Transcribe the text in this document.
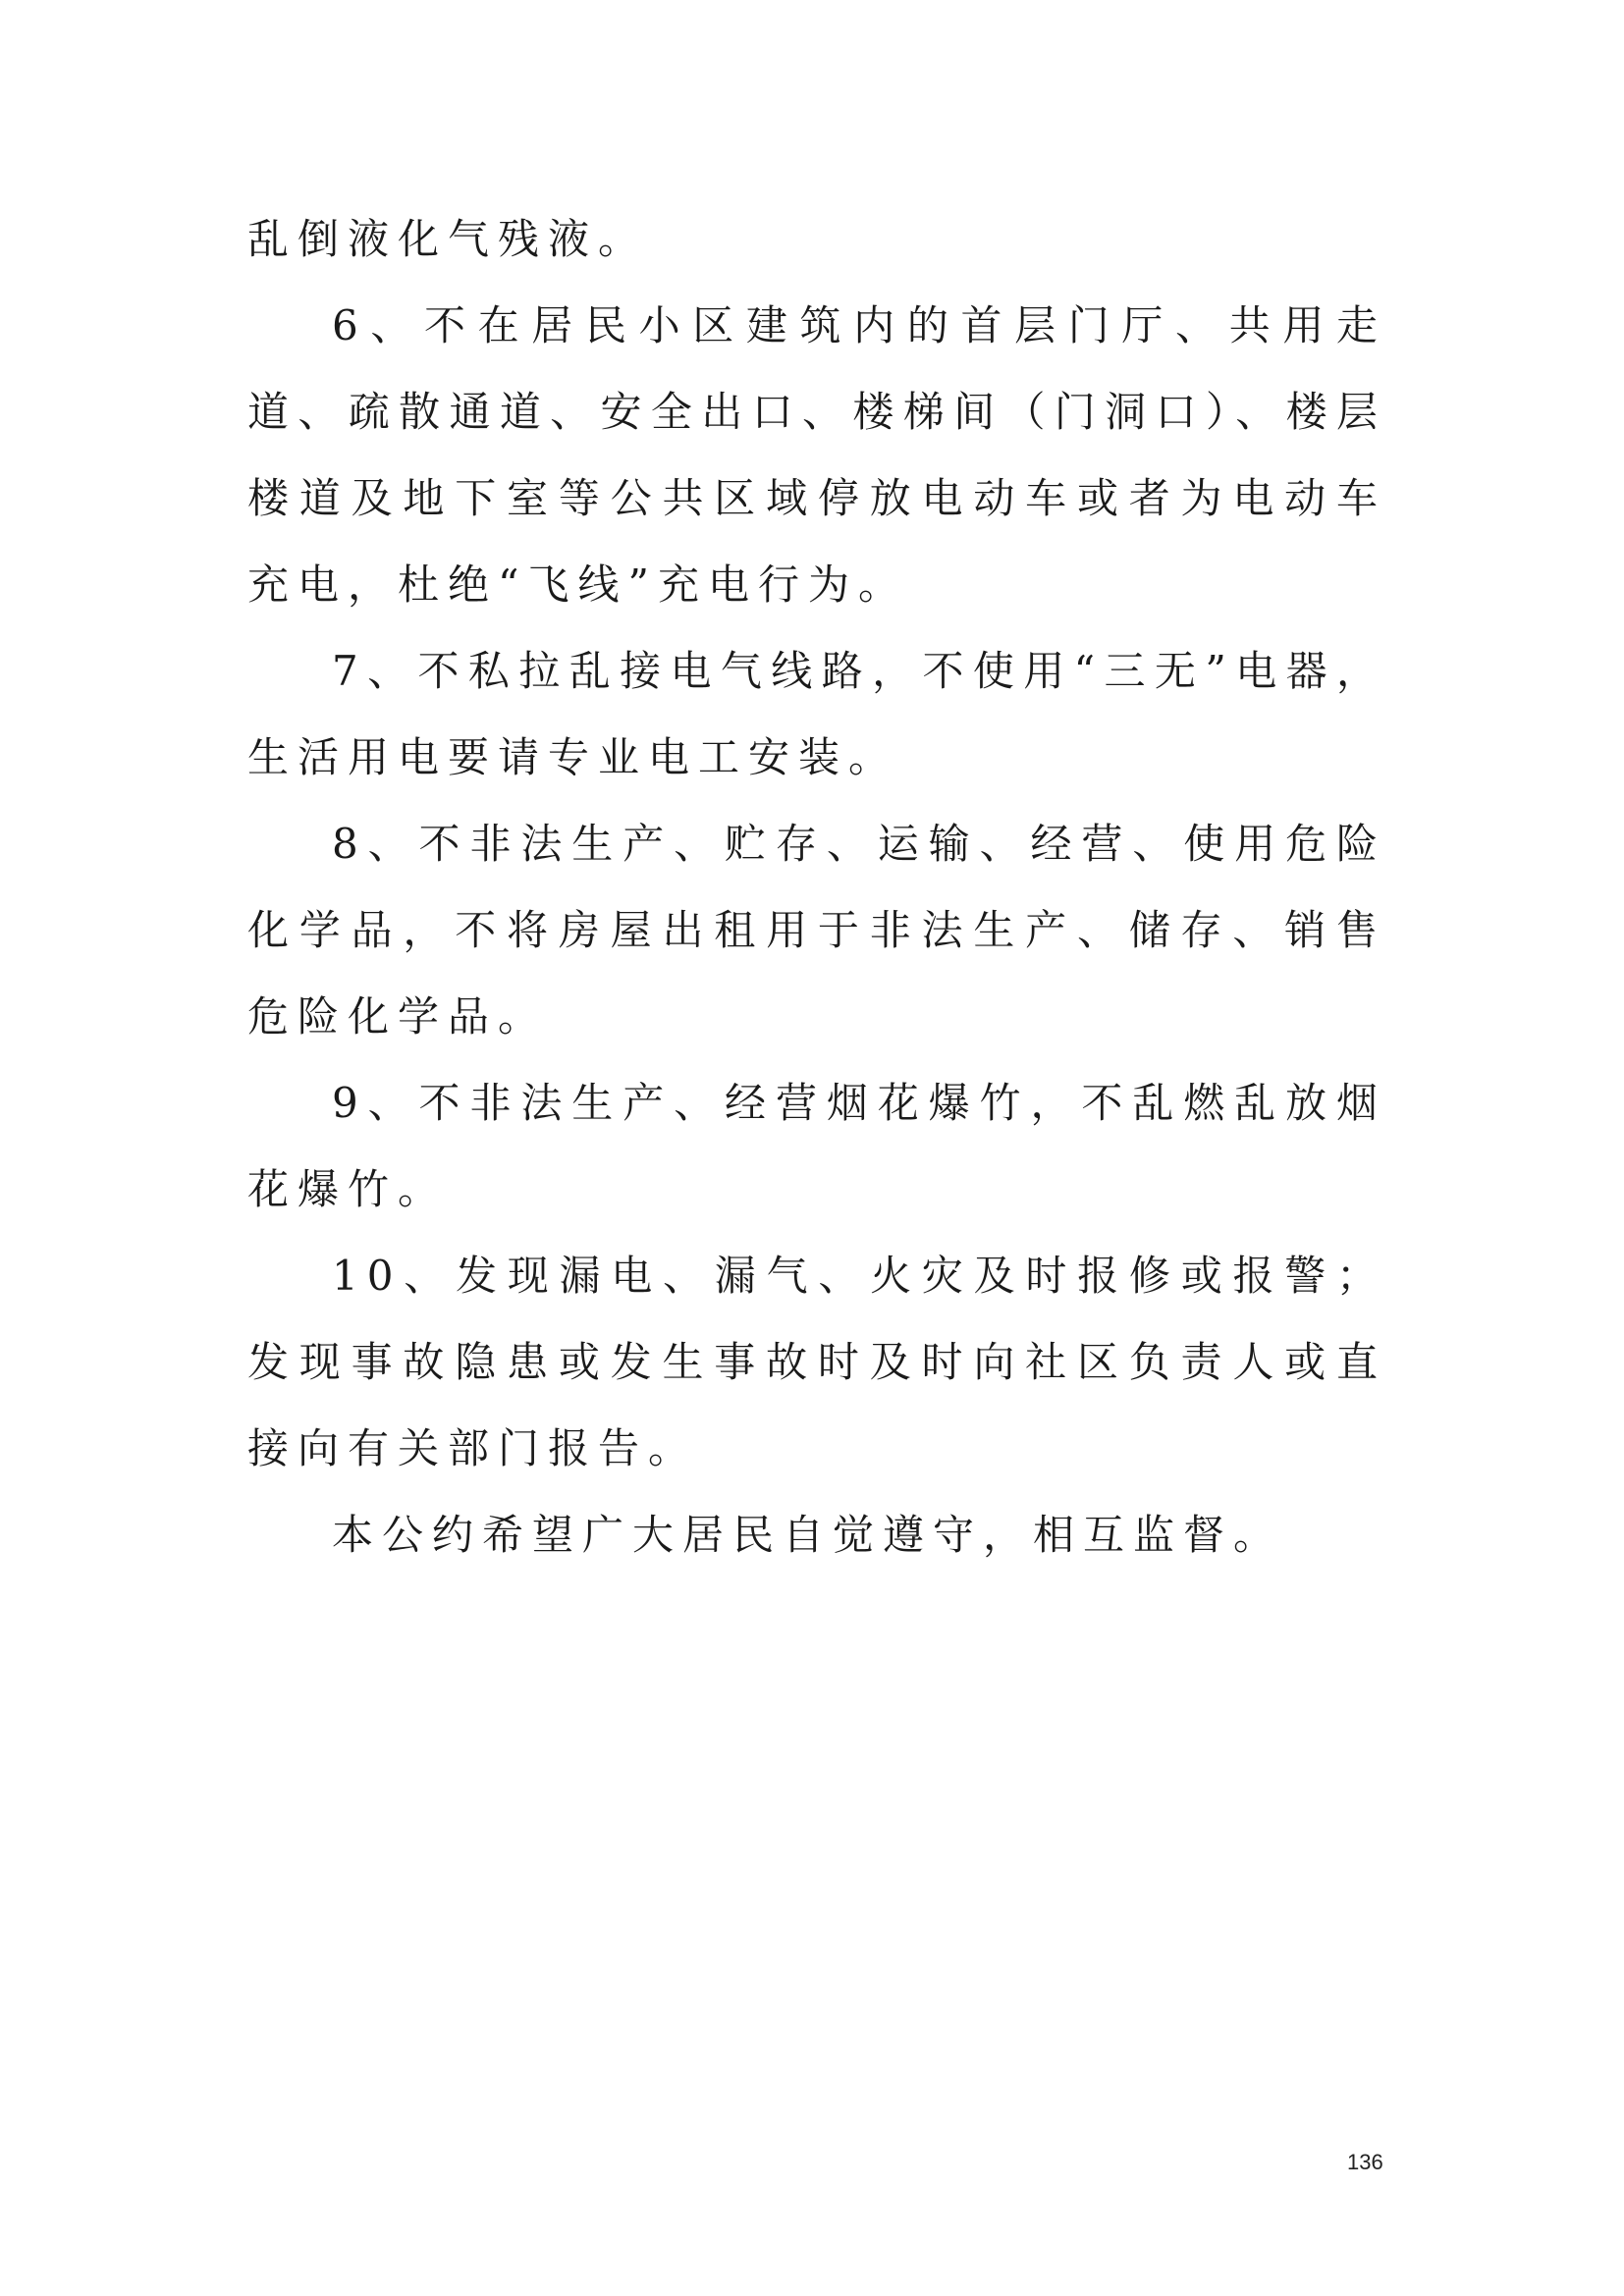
乱倒液化气残液。

6、不在居民小区建筑内的首层门厅、共用走道、疏散通道、安全出口、楼梯间（门洞口）、楼层楼道及地下室等公共区域停放电动车或者为电动车充电，杜绝“飞线”充电行为。

7、不私拉乱接电气线路，不使用“三无”电器，生活用电要请专业电工安装。

8、不非法生产、贮存、运输、经营、使用危险化学品，不将房屋出租用于非法生产、储存、销售危险化学品。

9、不非法生产、经营烟花爆竹，不乱燃乱放烟花爆竹。

10、发现漏电、漏气、火灾及时报修或报警；发现事故隐患或发生事故时及时向社区负责人或直接向有关部门报告。

本公约希望广大居民自觉遵守，相互监督。

136
